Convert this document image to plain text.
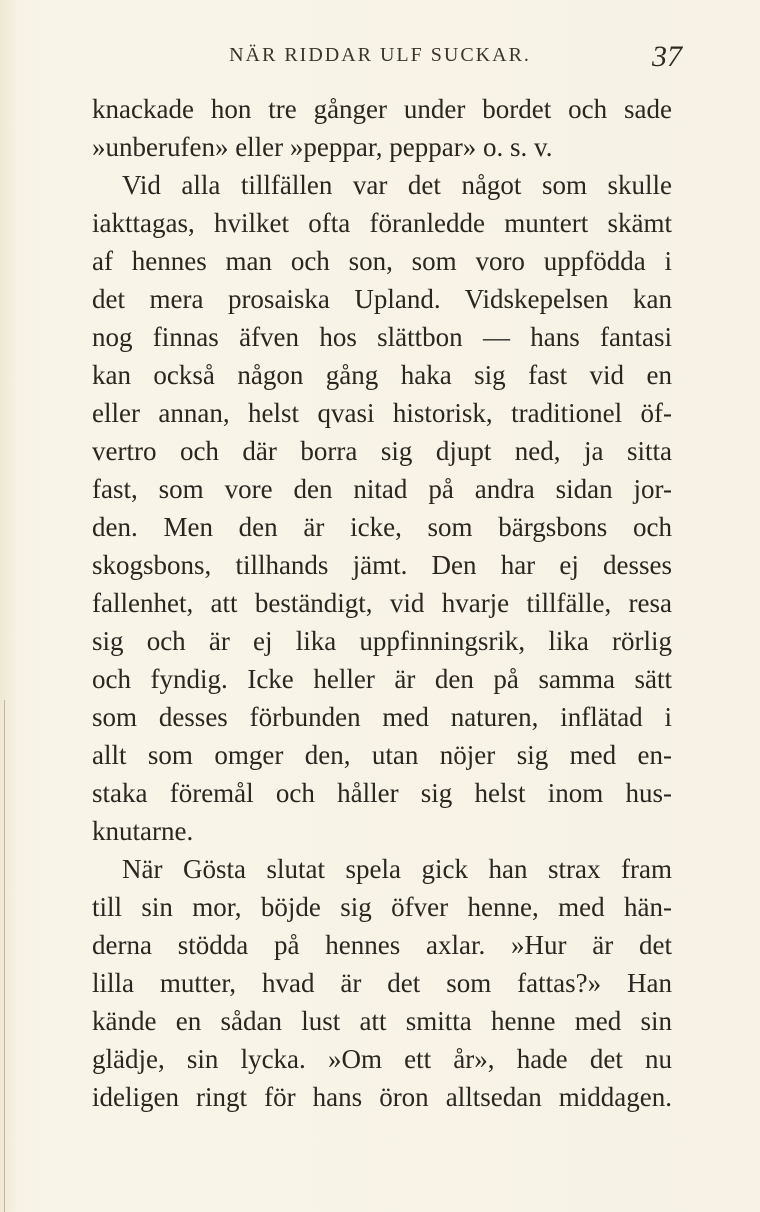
NÄR RIDDAR ULF SUCKAR.	37
knackade hon tre gånger under bordet och sade
»unberufen» eller »peppar, peppar» o. s. v.
Vid alla tillfällen var det något som skulle
iakttagas, hvilket ofta föranledde muntert skämt
af hennes man och son, som voro uppfödda i
det mera prosaiska Upland. Vidskepelsen kan
nog finnas äfven hos slättbon — hans fantasi
kan också någon gång haka sig fast vid en
eller annan, helst qvasi historisk, traditionel öf-
vertro och där borra sig djupt ned, ja sitta
fast, som vore den nitad på andra sidan jor-
den. Men den är icke, som bärgsbons och
skogsbons, tillhands jämt. Den har ej desses
fallenhet, att beständigt, vid hvarje tillfälle, resa
sig och är ej lika uppfinningsrik, lika rörlig
och fyndig. Icke heller är den på samma sätt
som desses förbunden med naturen, inflätad i
allt som omger den, utan nöjer sig med en-
staka föremål och håller sig helst inom hus-
knutarne.
När Gösta slutat spela gick han strax fram
till sin mor, böjde sig öfver henne, med hän-
derna stödda på hennes axlar. »Hur är det
lilla mutter, hvad är det som fattas?» Han
kände en sådan lust att smitta henne med sin
glädje, sin lycka. »Om ett år», hade det nu
ideligen ringt för hans öron alltsedan middagen.
